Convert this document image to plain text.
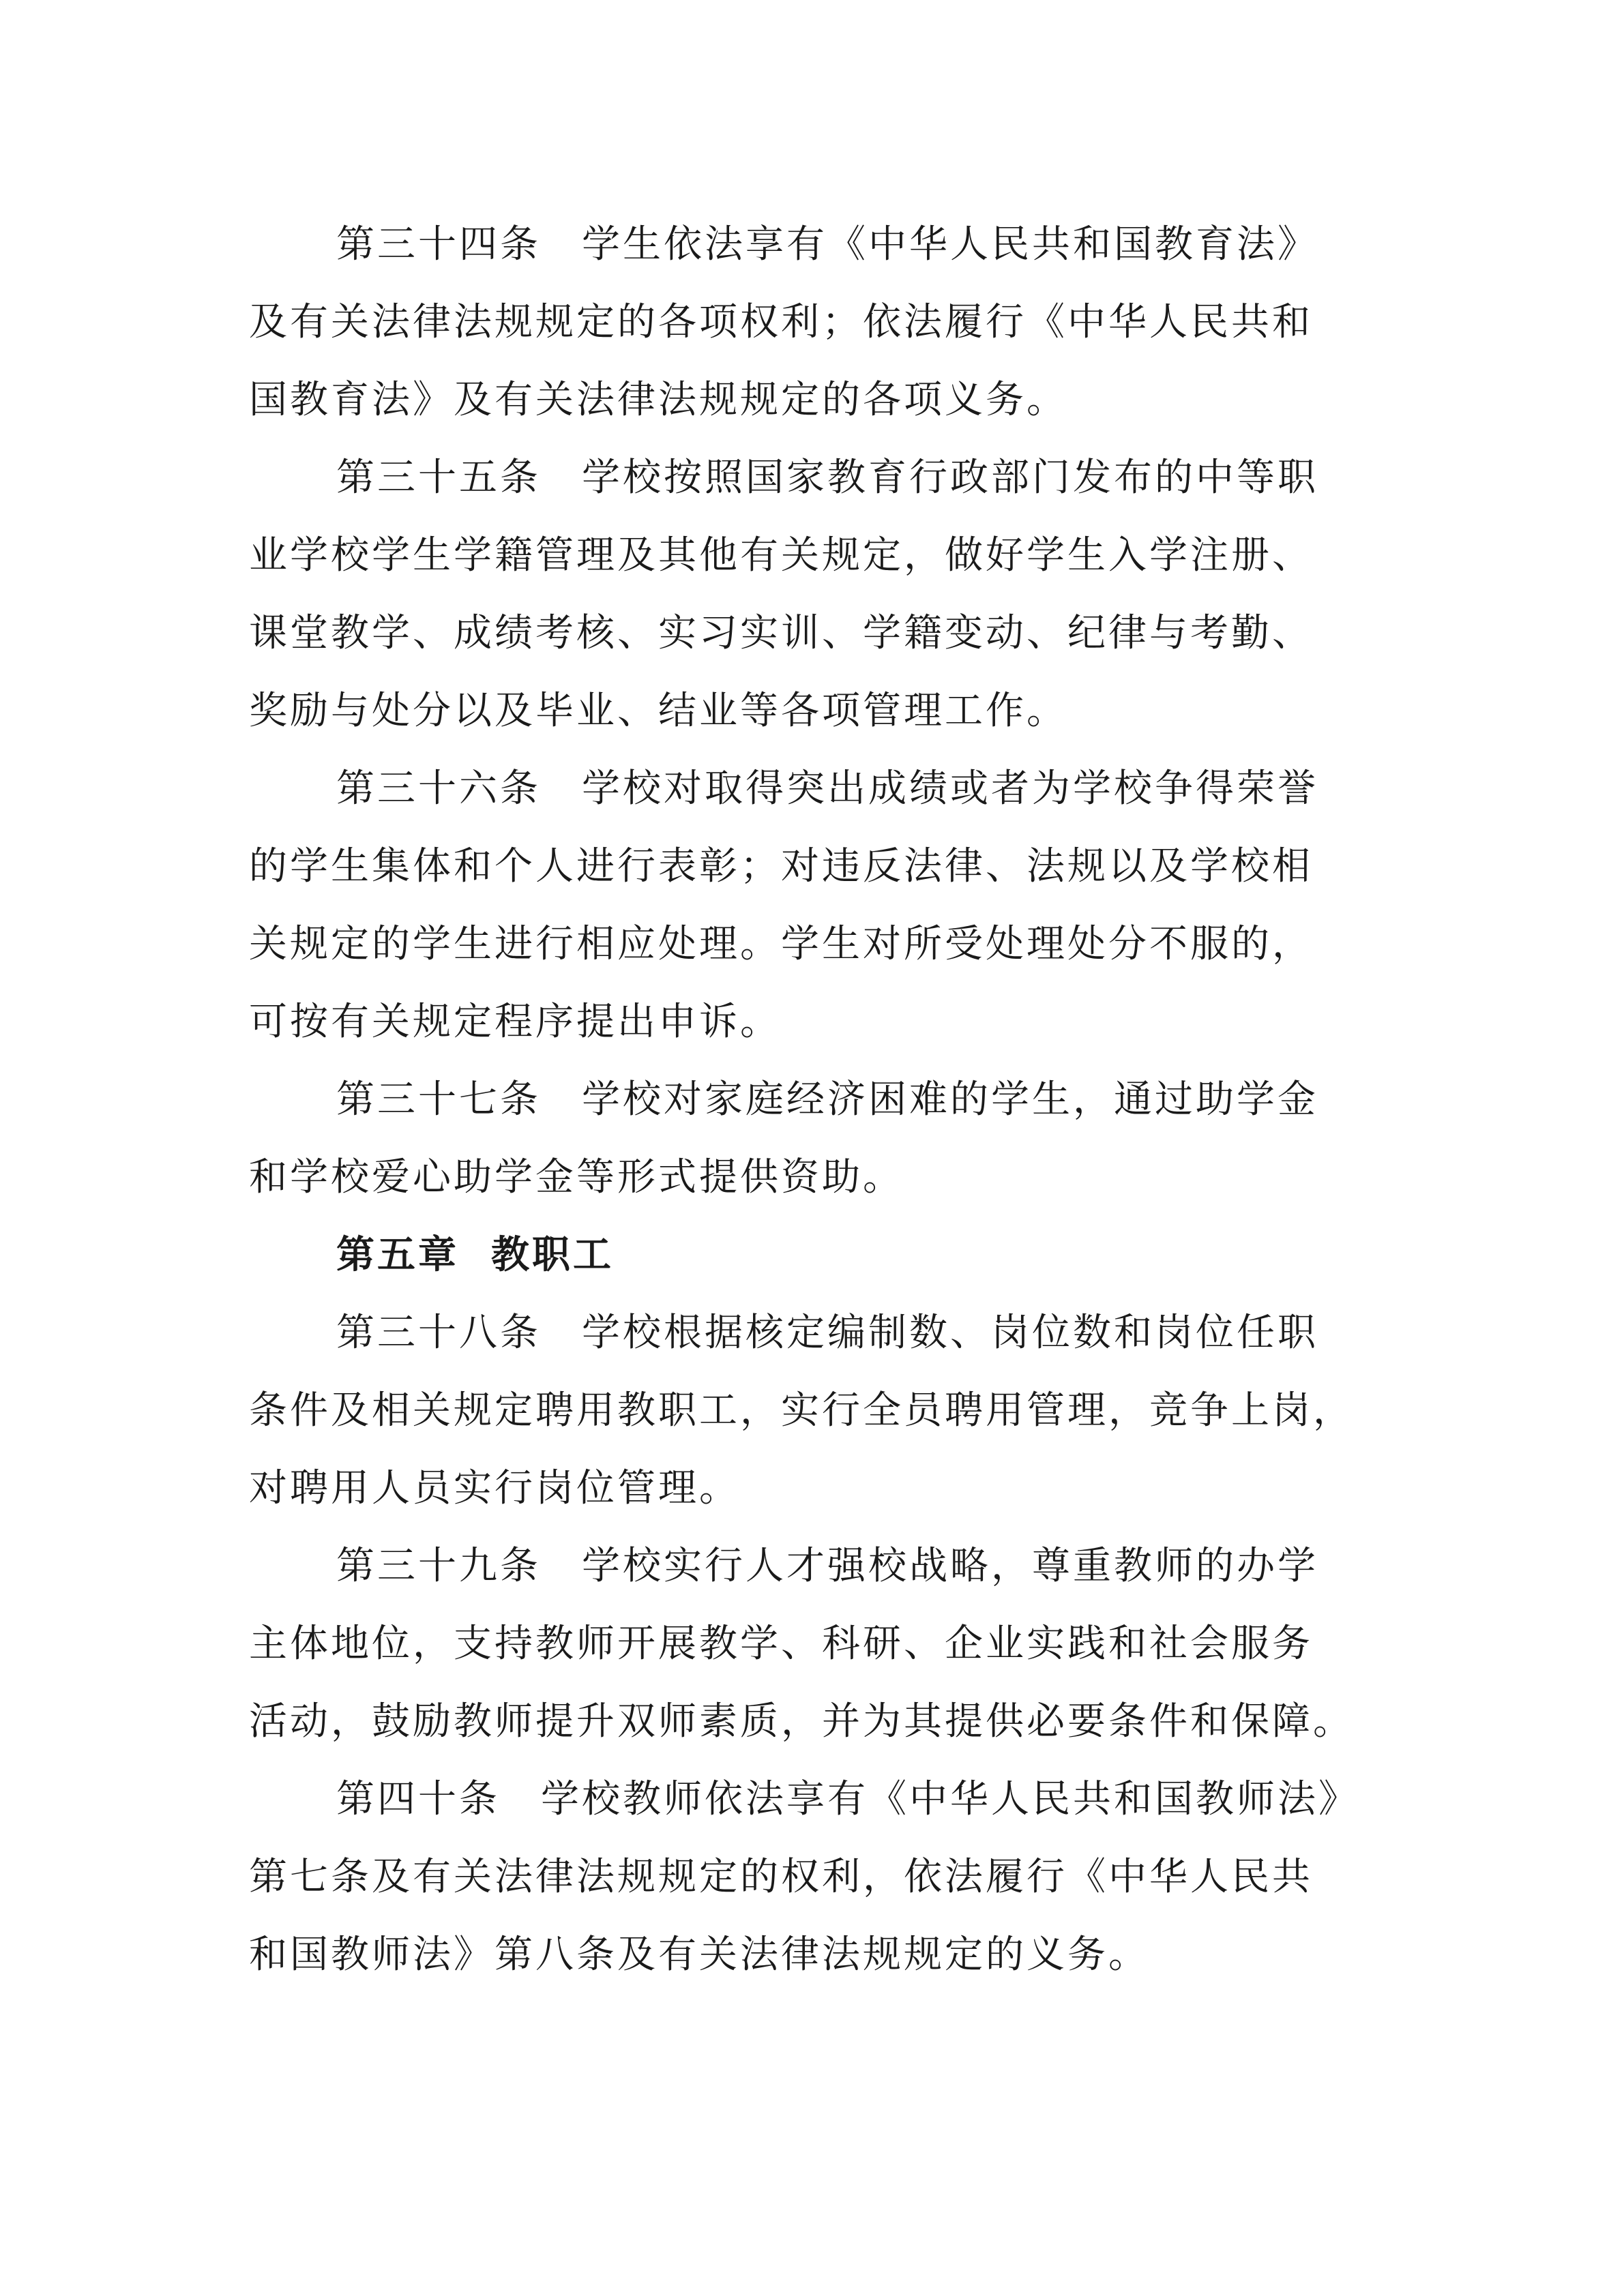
第三十四条　学生依法享有《中华人民共和国教育法》
及有关法律法规规定的各项权利；依法履行《中华人民共和
国教育法》及有关法律法规规定的各项义务。
第三十五条　学校按照国家教育行政部门发布的中等职
业学校学生学籍管理及其他有关规定，做好学生入学注册、
课堂教学、成绩考核、实习实训、学籍变动、纪律与考勤、
奖励与处分以及毕业、结业等各项管理工作。
第三十六条　学校对取得突出成绩或者为学校争得荣誉
的学生集体和个人进行表彰；对违反法律、法规以及学校相
关规定的学生进行相应处理。学生对所受处理处分不服的，
可按有关规定程序提出申诉。
第三十七条　学校对家庭经济困难的学生，通过助学金
和学校爱心助学金等形式提供资助。
第五章  教职工
第三十八条　学校根据核定编制数、岗位数和岗位任职
条件及相关规定聘用教职工，实行全员聘用管理，竞争上岗，
对聘用人员实行岗位管理。
第三十九条　学校实行人才强校战略，尊重教师的办学
主体地位，支持教师开展教学、科研、企业实践和社会服务
活动，鼓励教师提升双师素质，并为其提供必要条件和保障。
第四十条　学校教师依法享有《中华人民共和国教师法》
第七条及有关法律法规规定的权利，依法履行《中华人民共
和国教师法》第八条及有关法律法规规定的义务。
